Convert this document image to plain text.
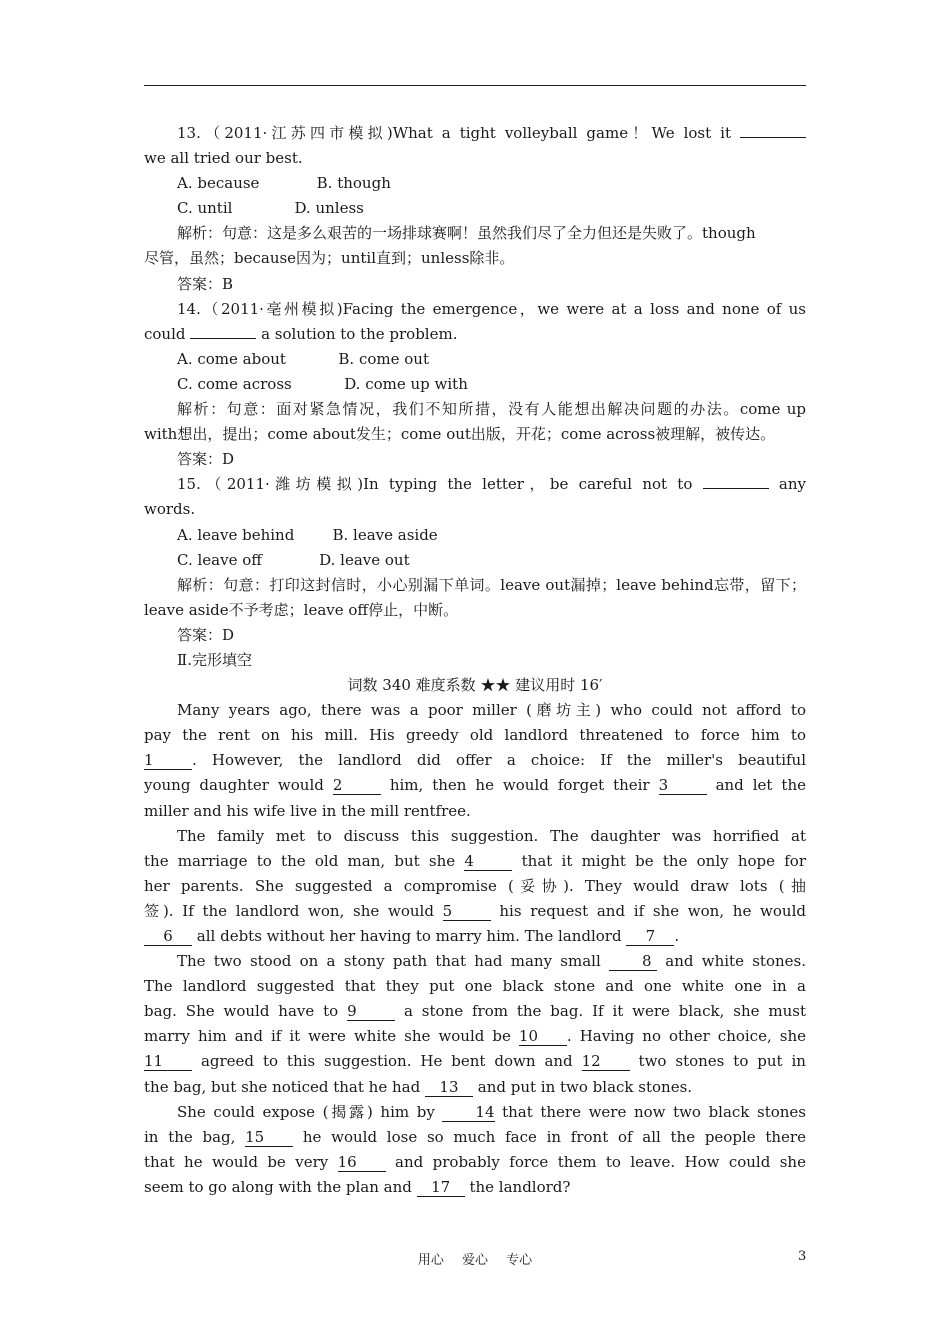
13.（2011·江苏四市模拟)What a tight volleyball game！We lost it

we all tried our best.

A. because	B. though

C. until	D. unless

解析：句意：这是多么艰苦的一场排球赛啊！虽然我们尽了全力但还是失败了。though

尽管，虽然；because因为；until直到；unless除非。

答案：B

14.（2011·亳州模拟)Facing the emergence，we were at a loss and none of us

could	a solution to the problem.

A. come about	B. come out

C. come across	D. come up with

解析：句意：面对紧急情况，我们不知所措，没有人能想出解决问题的办法。come up

with想出，提出；come about发生；come out出版，开花；come across被理解，被传达。

答案：D

15.（2011·潍坊模拟)In typing the letter，be careful not to	any

words.

A. leave behind	B. leave aside

C. leave off	D. leave out

解析：句意：打印这封信时，小心别漏下单词。leave out漏掉；leave behind忘带，留下；

leave aside不予考虑；leave off停止，中断。

答案：D

Ⅱ.完形填空

词数 340 难度系数 ★★ 建议用时 16′

Many years ago, there was a poor miller (磨坊主) who could not afford to

pay the rent on his mill. His greedy old landlord threatened to force him to

1	. However, the landlord did offer a choice: If the miller's beautiful

young daughter would 2	him, then he would forget their 3	and let the

miller and his wife live in the mill rentfree.

The family met to discuss this suggestion. The daughter was horrified at

the marriage to the old man, but she 4	that it might be the only hope for

her parents. She suggested a compromise (妥协). They would draw lots (抽

签). If the landlord won, she would 5	his request and if she won, he would

6 all debts without her having to marry him. The landlord 7 .

The two stood on a stony path that had many small	8 and white stones.

The landlord suggested that they put one black stone and one white one in a

bag. She would have to 9	a stone from the bag. If it were black, she must

marry him and if it were white she would be 10 . Having no other choice, she

11	agreed to this suggestion. He bent down and 12	two stones to put in

the bag, but she noticed that he had 13 and put in two black stones.

She could expose (揭露) him by	14 that there were now two black stones

in the bag, 15	he would lose so much face in front of all the people there

that he would be very 16	and probably force them to leave. How could she

seem to go along with the plan and 17 the landlord?

用心 爱心 专心	3
